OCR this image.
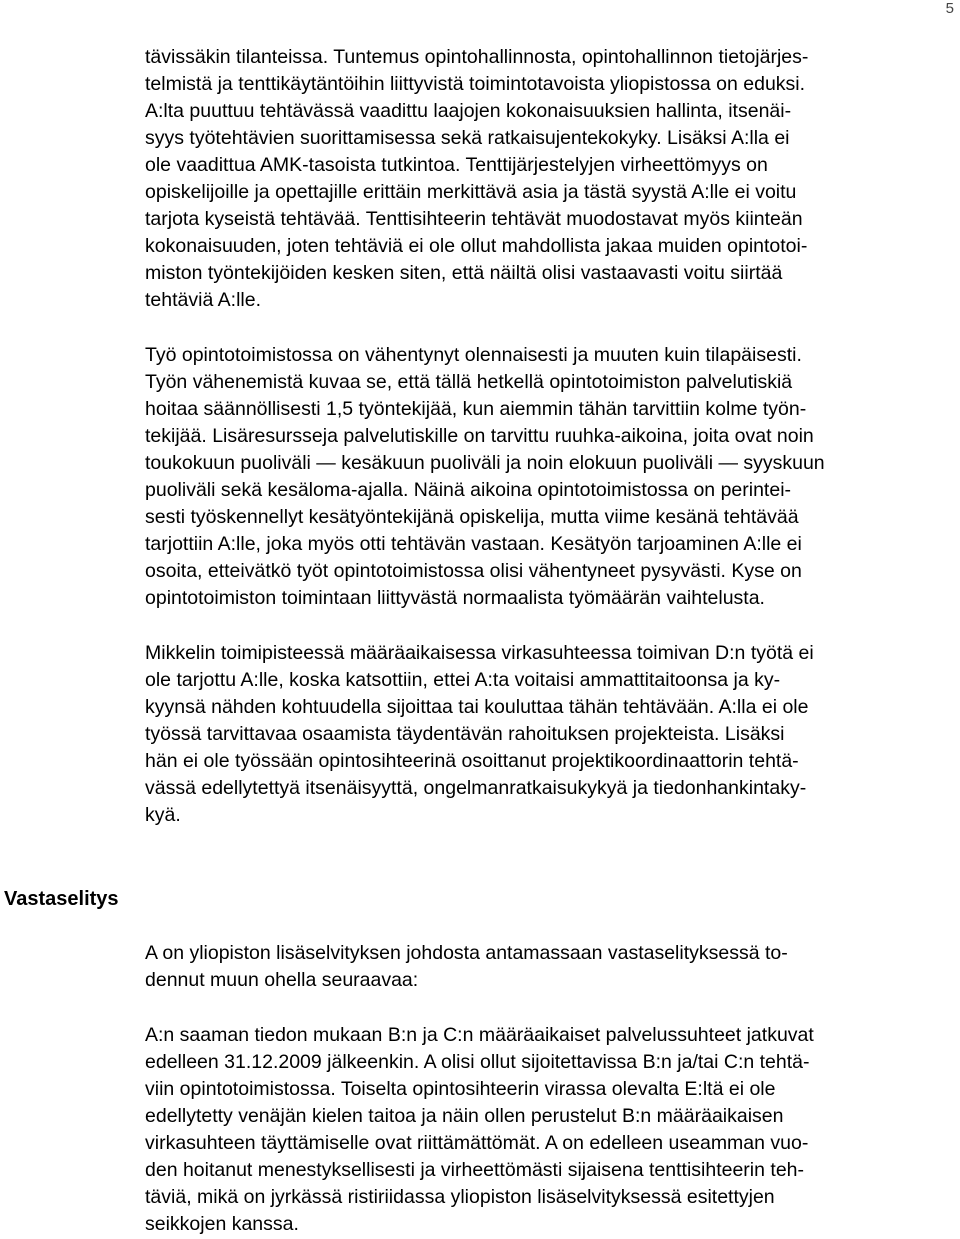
5
tävissäkin tilanteissa. Tuntemus opintohallinnosta, opintohallinnon tietojärjes-
telmistä ja tenttikäytäntöihin liittyvistä toimintotavoista yliopistossa on eduksi.
A:lta puuttuu tehtävässä vaadittu laajojen kokonaisuuksien hallinta, itsenäi-
syys työtehtävien suorittamisessa sekä ratkaisujentekokyky. Lisäksi A:lla ei
ole vaadittua AMK-tasoista tutkintoa. Tenttijärjestelyjen virheettömyys on
opiskelijoille ja opettajille erittäin merkittävä asia ja tästä syystä A:lle ei voitu
tarjota kyseistä tehtävää. Tenttisihteerin tehtävät muodostavat myös kiinteän
kokonaisuuden, joten tehtäviä ei ole ollut mahdollista jakaa muiden opintotoi-
miston työntekijöiden kesken siten, että näiltä olisi vastaavasti voitu siirtää
tehtäviä A:lle.
Työ opintotoimistossa on vähentynyt olennaisesti ja muuten kuin tilapäisesti.
Työn vähenemistä kuvaa se, että tällä hetkellä opintotoimiston palvelutiskiä
hoitaa säännöllisesti 1,5 työntekijää, kun aiemmin tähän tarvittiin kolme työn-
tekijää. Lisäresursseja palvelutiskille on tarvittu ruuhka-aikoina, joita ovat noin
toukokuun puoliväli — kesäkuun puoliväli ja noin elokuun puoliväli — syyskuun
puoliväli sekä kesäloma-ajalla. Näinä aikoina opintotoimistossa on perintei-
sesti työskennellyt kesätyöntekijänä opiskelija, mutta viime kesänä tehtävää
tarjottiin A:lle, joka myös otti tehtävän vastaan. Kesätyön tarjoaminen A:lle ei
osoita, etteivätkö työt opintotoimistossa olisi vähentyneet pysyvästi. Kyse on
opintotoimiston toimintaan liittyvästä normaalista työmäärän vaihtelusta.
Mikkelin toimipisteessä määräaikaisessa virkasuhteessa toimivan D:n työtä ei
ole tarjottu A:lle, koska katsottiin, ettei A:ta voitaisi ammattitaitoonsa ja ky-
kyynsä nähden kohtuudella sijoittaa tai kouluttaa tähän tehtävään. A:lla ei ole
työssä tarvittavaa osaamista täydentävän rahoituksen projekteista. Lisäksi
hän ei ole työssään opintosihteerinä osoittanut projektikoordinaattorin tehtä-
vässä edellytettyä itsenäisyyttä, ongelmanratkaisukykyä ja tiedonhankintaky-
kyä.
Vastaselitys
A on yliopiston lisäselvityksen johdosta antamassaan vastaselityksessä to-
dennut muun ohella seuraavaa:
A:n saaman tiedon mukaan B:n ja C:n määräaikaiset palvelussuhteet jatkuvat
edelleen 31.12.2009 jälkeenkin. A olisi ollut sijoitettavissa B:n ja/tai C:n tehtä-
viin opintotoimistossa. Toiselta opintosihteerin virassa olevalta E:ltä ei ole
edellytetty venäjän kielen taitoa ja näin ollen perustelut B:n määräaikaisen
virkasuhteen täyttämiselle ovat riittämättömät. A on edelleen useamman vuo-
den hoitanut menestyksellisesti ja virheettömästi sijaisena tenttisihteerin teh-
täviä, mikä on jyrkässä ristiriidassa yliopiston lisäselvityksessä esitettyjen
seikkojen kanssa.
